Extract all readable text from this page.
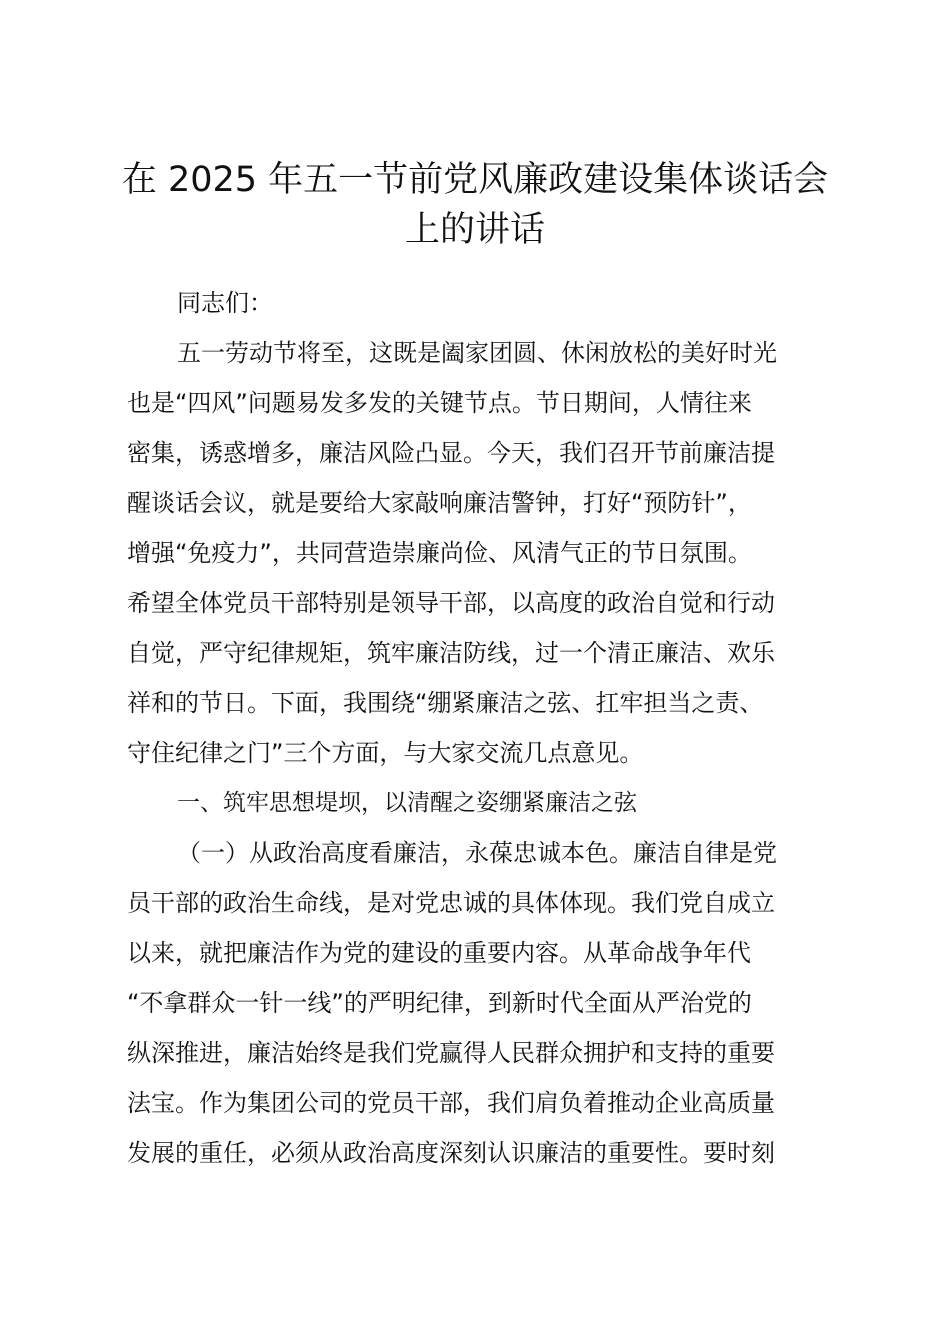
在 2025 年五一节前党风廉政建设集体谈话会
上的讲话

同志们：

五一劳动节将至，这既是阖家团圆、休闲放松的美好时光
也是“四风”问题易发多发的关键节点。节日期间，人情往来
密集，诱惑增多，廉洁风险凸显。今天，我们召开节前廉洁提
醒谈话会议，就是要给大家敲响廉洁警钟，打好“预防针”，
增强“免疫力”，共同营造崇廉尚俭、风清气正的节日氛围。
希望全体党员干部特别是领导干部，以高度的政治自觉和行动
自觉，严守纪律规矩，筑牢廉洁防线，过一个清正廉洁、欢乐
祥和的节日。下面，我围绕“绷紧廉洁之弦、扛牢担当之责、
守住纪律之门”三个方面，与大家交流几点意见。

一、筑牢思想堤坝，以清醒之姿绷紧廉洁之弦

（一）从政治高度看廉洁，永葆忠诚本色。廉洁自律是党
员干部的政治生命线，是对党忠诚的具体体现。我们党自成立
以来，就把廉洁作为党的建设的重要内容。从革命战争年代
“不拿群众一针一线”的严明纪律，到新时代全面从严治党的
纵深推进，廉洁始终是我们党赢得人民群众拥护和支持的重要
法宝。作为集团公司的党员干部，我们肩负着推动企业高质量
发展的重任，必须从政治高度深刻认识廉洁的重要性。要时刻
